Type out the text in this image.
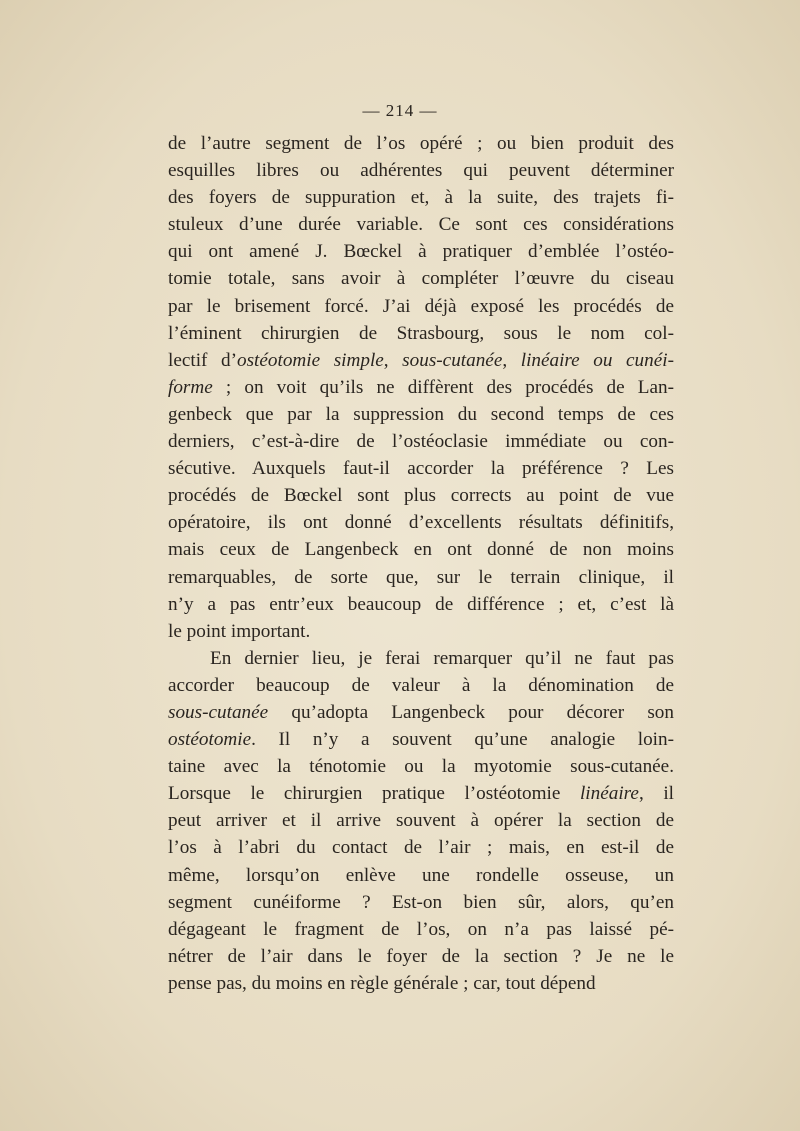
— 214 —
de l’autre segment de l’os opéré ; ou bien produit des
esquilles libres ou adhérentes qui peuvent déterminer
des foyers de suppuration et, à la suite, des trajets fi-
stuleux d’une durée variable. Ce sont ces considérations
qui ont amené J. Bœckel à pratiquer d’emblée l’ostéo-
tomie totale, sans avoir à compléter l’œuvre du ciseau
par le brisement forcé. J’ai déjà exposé les procédés de
l’éminent chirurgien de Strasbourg, sous le nom col-
lectif d’ostéotomie simple, sous-cutanée, linéaire ou cunéi-
forme ; on voit qu’ils ne diffèrent des procédés de Lan-
genbeck que par la suppression du second temps de ces
derniers, c’est-à-dire de l’ostéoclasie immédiate ou con-
sécutive. Auxquels faut-il accorder la préférence ? Les
procédés de Bœckel sont plus corrects au point de vue
opératoire, ils ont donné d’excellents résultats définitifs,
mais ceux de Langenbeck en ont donné de non moins
remarquables, de sorte que, sur le terrain clinique, il
n’y a pas entr’eux beaucoup de différence ; et, c’est là
le point important.
En dernier lieu, je ferai remarquer qu’il ne faut pas
accorder beaucoup de valeur à la dénomination de
sous-cutanée qu’adopta Langenbeck pour décorer son
ostéotomie. Il n’y a souvent qu’une analogie loin-
taine avec la ténotomie ou la myotomie sous-cutanée.
Lorsque le chirurgien pratique l’ostéotomie linéaire, il
peut arriver et il arrive souvent à opérer la section de
l’os à l’abri du contact de l’air ; mais, en est-il de
même, lorsqu’on enlève une rondelle osseuse, un
segment cunéiforme ? Est-on bien sûr, alors, qu’en
dégageant le fragment de l’os, on n’a pas laissé pé-
nétrer de l’air dans le foyer de la section ? Je ne le
pense pas, du moins en règle générale ; car, tout dépend
